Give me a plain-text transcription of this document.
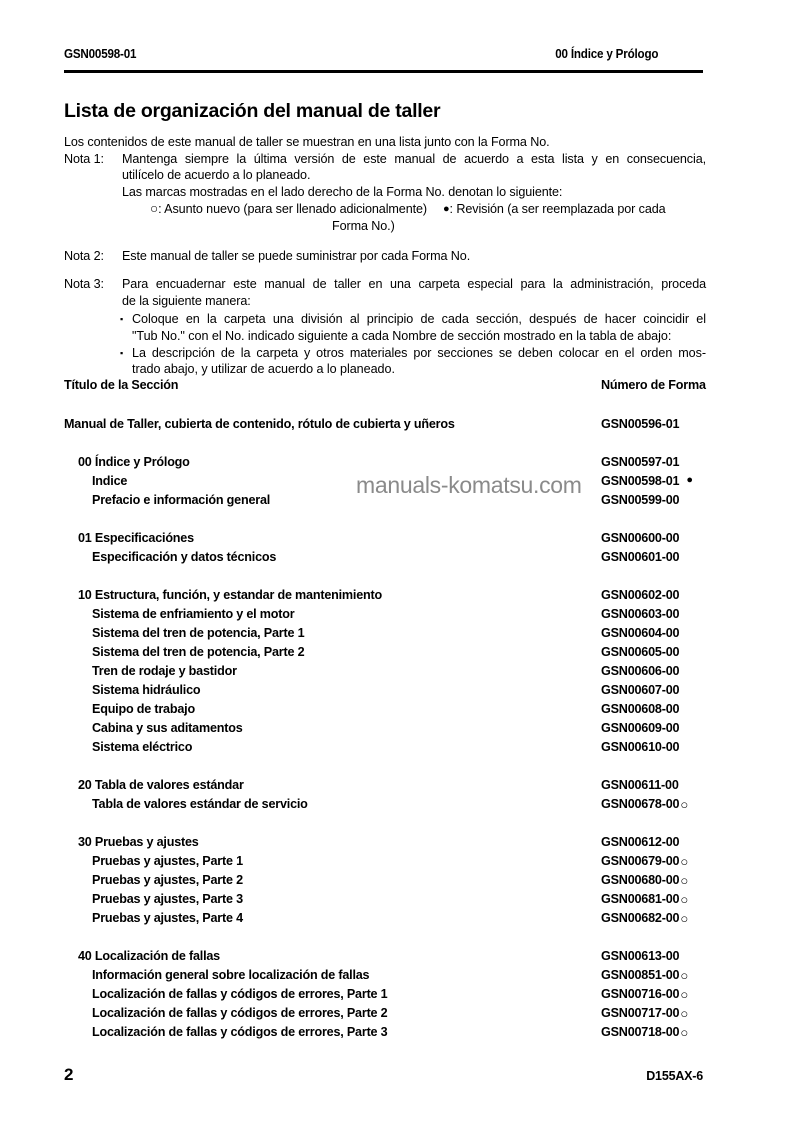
GSN00598-01	00 Índice y Prólogo
Lista de organización del manual de taller
Los contenidos de este manual de taller se muestran en una lista junto con la Forma No.
Nota 1:	Mantenga siempre la última versión de este manual de acuerdo a esta lista y en consecuencia,
utilícelo de acuerdo a lo planeado.
Las marcas mostradas en el lado derecho de la Forma No. denotan lo siguiente:
○: Asunto nuevo (para ser llenado adicionalmente) ●: Revisión (a ser reemplazada por cada
Forma No.)
Nota 2:	Este manual de taller se puede suministrar por cada Forma No.
Nota 3:	Para encuadernar este manual de taller en una carpeta especial para la administración, proceda
de la siguiente manera:
▪ Coloque en la carpeta una división al principio de cada sección, después de hacer coincidir el
"Tub No." con el No. indicado siguiente a cada Nombre de sección mostrado en la tabla de abajo:
▪ La descripción de la carpeta y otros materiales por secciones se deben colocar en el orden mos-
trado abajo, y utilizar de acuerdo a lo planeado.
manuals-komatsu.com
Título de la Sección	Número de Forma
Manual de Taller, cubierta de contenido, rótulo de cubierta y uñeros	GSN00596-01
00 Índice y Prólogo	GSN00597-01
Indice	GSN00598-01 ●
Prefacio e información general	GSN00599-00
01 Especificaciónes	GSN00600-00
Especificación y datos técnicos	GSN00601-00
10 Estructura, función, y estandar de mantenimiento	GSN00602-00
Sistema de enfriamiento y el motor	GSN00603-00
Sistema del tren de potencia, Parte 1	GSN00604-00
Sistema del tren de potencia, Parte 2	GSN00605-00
Tren de rodaje y bastidor	GSN00606-00
Sistema hidráulico	GSN00607-00
Equipo de trabajo	GSN00608-00
Cabina y sus aditamentos	GSN00609-00
Sistema eléctrico	GSN00610-00
20 Tabla de valores estándar	GSN00611-00
Tabla de valores estándar de servicio	GSN00678-00 ○
30 Pruebas y ajustes	GSN00612-00
Pruebas y ajustes, Parte 1	GSN00679-00 ○
Pruebas y ajustes, Parte 2	GSN00680-00 ○
Pruebas y ajustes, Parte 3	GSN00681-00 ○
Pruebas y ajustes, Parte 4	GSN00682-00 ○
40 Localización de fallas	GSN00613-00
Información general sobre localización de fallas	GSN00851-00 ○
Localización de fallas y códigos de errores, Parte 1	GSN00716-00 ○
Localización de fallas y códigos de errores, Parte 2	GSN00717-00 ○
Localización de fallas y códigos de errores, Parte 3	GSN00718-00 ○
2	D155AX-6
